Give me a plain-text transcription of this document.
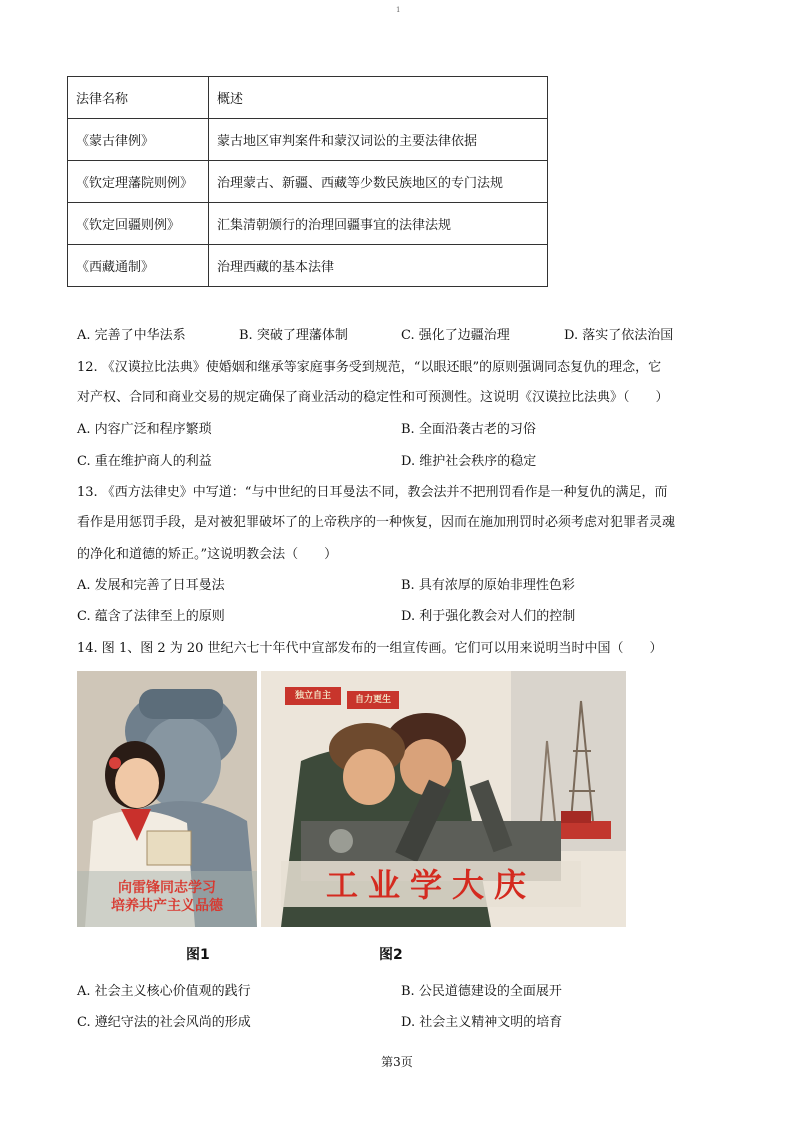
1
法律名称	概述
《蒙古律例》	蒙古地区审判案件和蒙汉词讼的主要法律依据
《钦定理藩院则例》	治理蒙古、新疆、西藏等少数民族地区的专门法规
《钦定回疆则例》	汇集清朝颁行的治理回疆事宜的法律法规
《西藏通制》	治理西藏的基本法律
A. 完善了中华法系	B. 突破了理藩体制	C. 强化了边疆治理	D. 落实了依法治国
12. 《汉谟拉比法典》使婚姻和继承等家庭事务受到规范，“以眼还眼”的原则强调同态复仇的理念，它
对产权、合同和商业交易的规定确保了商业活动的稳定性和可预测性。这说明《汉谟拉比法典》（　　）
A. 内容广泛和程序繁琐	B. 全面沿袭古老的习俗
C. 重在维护商人的利益	D. 维护社会秩序的稳定
13. 《西方法律史》中写道：“与中世纪的日耳曼法不同，教会法并不把刑罚看作是一种复仇的满足，而
看作是用惩罚手段，是对被犯罪破坏了的上帝秩序的一种恢复，因而在施加刑罚时必须考虑对犯罪者灵魂
的净化和道德的矫正。”这说明教会法（　　）
A. 发展和完善了日耳曼法	B. 具有浓厚的原始非理性色彩
C. 蕴含了法律至上的原则	D. 利于强化教会对人们的控制
14. 图 1、图 2 为 20 世纪六七十年代中宣部发布的一组宣传画。它们可以用来说明当时中国（　　）
向雷锋同志学习
培养共产主义品德
独立自主	自力更生
工业学大庆
图1	图2
A. 社会主义核心价值观的践行	B. 公民道德建设的全面展开
C. 遵纪守法的社会风尚的形成	D. 社会主义精神文明的培育
第3页
